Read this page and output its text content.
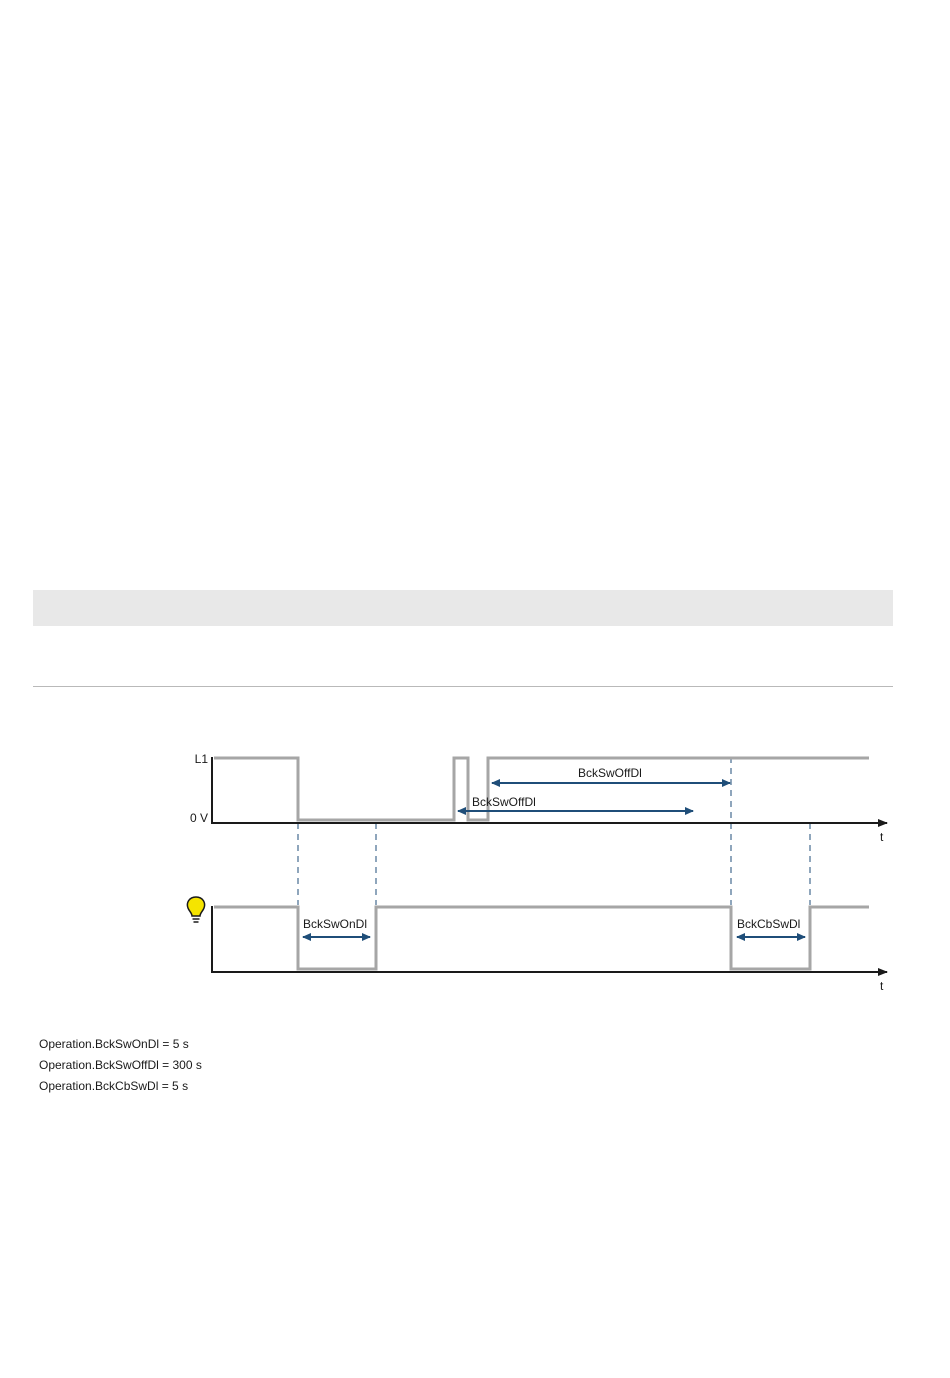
L1
0 V
t
BckSwOffDl
BckSwOffDl
t
BckSwOnDl	BckCbSwDl
Operation.BckSwOnDl = 5 s
Operation.BckSwOffDl = 300 s
Operation.BckCbSwDl = 5 s
